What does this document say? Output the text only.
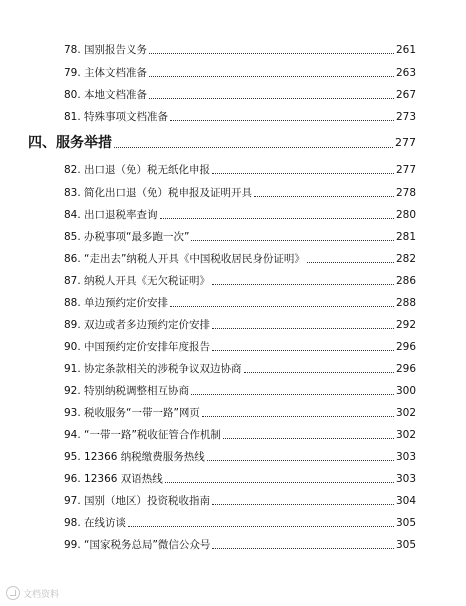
78. 国别报告义务	261
79. 主体文档准备	263
80. 本地文档准备	267
81. 特殊事项文档准备	273
四、服务举措	277
82. 出口退（免）税无纸化申报	277
83. 简化出口退（免）税申报及证明开具	278
84. 出口退税率查询	280
85. 办税事项“最多跑一次”	281
86. “走出去”纳税人开具《中国税收居民身份证明》	282
87. 纳税人开具《无欠税证明》	286
88. 单边预约定价安排	288
89. 双边或者多边预约定价安排	292
90. 中国预约定价安排年度报告	296
91. 协定条款相关的涉税争议双边协商	296
92. 特别纳税调整相互协商	300
93. 税收服务“一带一路”网页	302
94. “一带一路”税收征管合作机制	302
95. 12366 纳税缴费服务热线	303
96. 12366 双语热线	303
97. 国别（地区）投资税收指南	304
98. 在线访谈	305
99. “国家税务总局”微信公众号	305
文档资料
